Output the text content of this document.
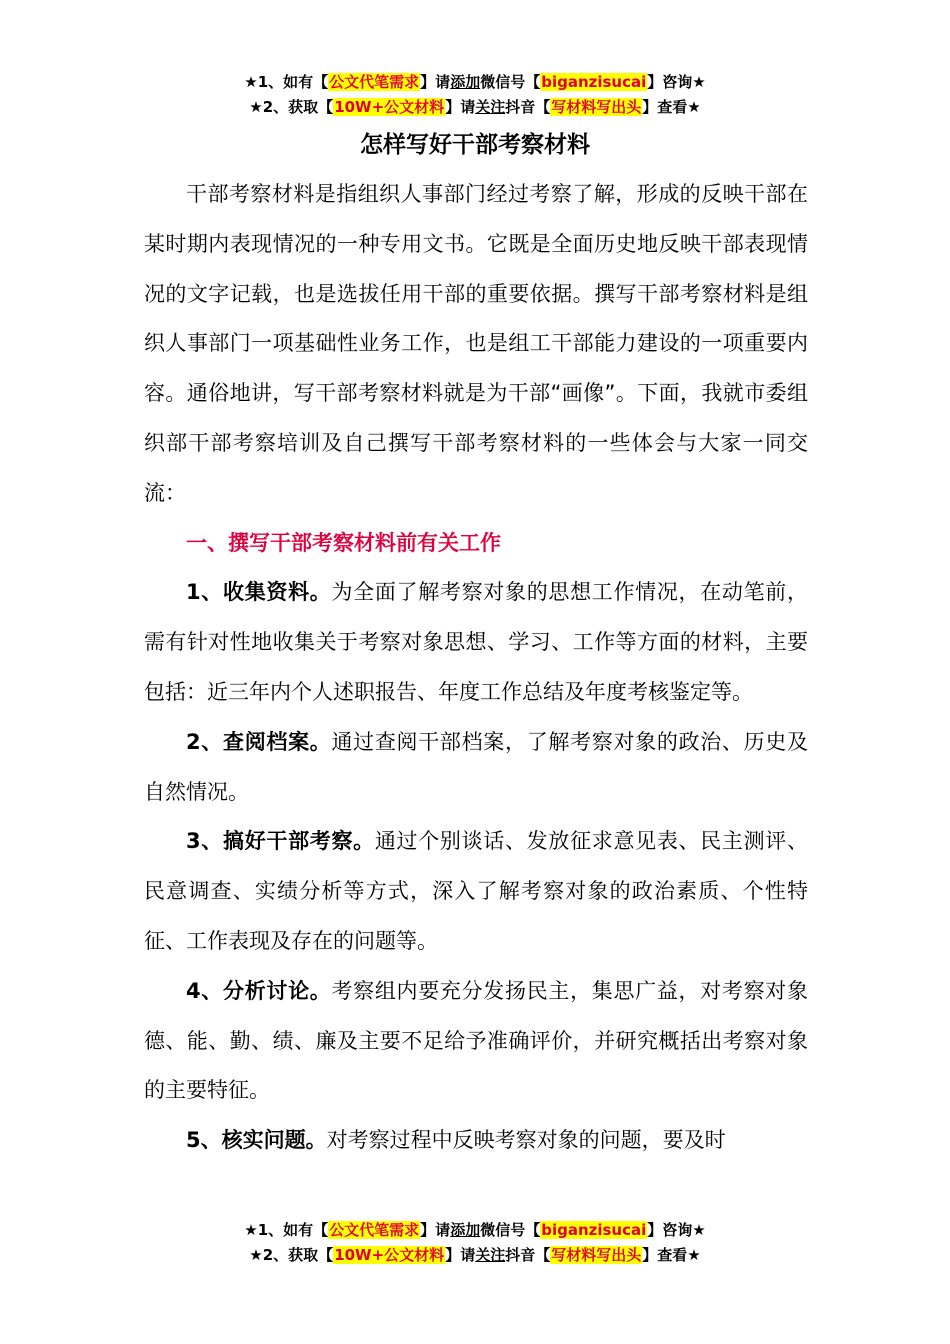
★1、如有【公文代笔需求】请添加微信号【biganzisucai】咨询★
★2、获取【10W+公文材料】请关注抖音【写材料写出头】查看★
怎样写好干部考察材料

干部考察材料是指组织人事部门经过考察了解，形成的反映干部在某时期内表现情况的一种专用文书。它既是全面历史地反映干部表现情况的文字记载，也是选拔任用干部的重要依据。撰写干部考察材料是组织人事部门一项基础性业务工作，也是组工干部能力建设的一项重要内容。通俗地讲，写干部考察材料就是为干部“画像”。下面，我就市委组织部干部考察培训及自己撰写干部考察材料的一些体会与大家一同交流：

一、撰写干部考察材料前有关工作

1、收集资料。为全面了解考察对象的思想工作情况，在动笔前，需有针对性地收集关于考察对象思想、学习、工作等方面的材料，主要包括：近三年内个人述职报告、年度工作总结及年度考核鉴定等。

2、查阅档案。通过查阅干部档案，了解考察对象的政治、历史及自然情况。

3、搞好干部考察。通过个别谈话、发放征求意见表、民主测评、民意调查、实绩分析等方式，深入了解考察对象的政治素质、个性特征、工作表现及存在的问题等。

4、分析讨论。考察组内要充分发扬民主，集思广益，对考察对象德、能、勤、绩、廉及主要不足给予准确评价，并研究概括出考察对象的主要特征。

5、核实问题。对考察过程中反映考察对象的问题，要及时

★1、如有【公文代笔需求】请添加微信号【biganzisucai】咨询★
★2、获取【10W+公文材料】请关注抖音【写材料写出头】查看★
